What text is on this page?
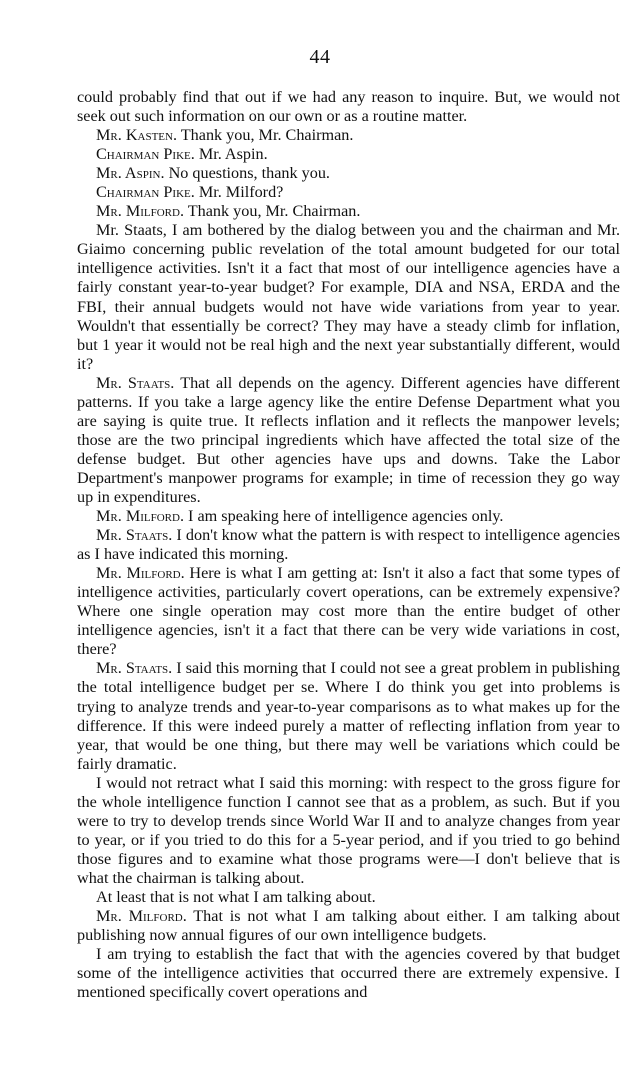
44

could probably find that out if we had any reason to inquire. But, we would not seek out such information on our own or as a routine matter.

Mr. Kasten . Thank you, Mr. Chairman.

Chairman Pike . Mr. Aspin.

Mr. Aspin . No questions, thank you.

Chairman Pike . Mr. Milford?

Mr. Milford . Thank you, Mr. Chairman.

Mr. Staats, I am bothered by the dialog between you and the chairman and Mr. Giaimo concerning public revelation of the total amount budgeted for our total intelligence activities. Isn't it a fact that most of our intelligence agencies have a fairly constant year-to-year budget? For example, DIA and NSA, ERDA and the FBI, their annual budgets would not have wide variations from year to year. Wouldn't that essentially be correct? They may have a steady climb for inflation, but 1 year it would not be real high and the next year substantially different, would it?

Mr. Staats . That all depends on the agency. Different agencies have different patterns. If you take a large agency like the entire Defense Department what you are saying is quite true. It reflects inflation and it reflects the manpower levels; those are the two principal ingredients which have affected the total size of the defense budget. But other agencies have ups and downs. Take the Labor Department's manpower programs for example; in time of recession they go way up in expenditures.

Mr. Milford . I am speaking here of intelligence agencies only.

Mr. Staats . I don't know what the pattern is with respect to intelligence agencies as I have indicated this morning.

Mr. Milford . Here is what I am getting at: Isn't it also a fact that some types of intelligence activities, particularly covert operations, can be extremely expensive? Where one single operation may cost more than the entire budget of other intelligence agencies, isn't it a fact that there can be very wide variations in cost, there?

Mr. Staats . I said this morning that I could not see a great problem in publishing the total intelligence budget per se. Where I do think you get into problems is trying to analyze trends and year-to-year comparisons as to what makes up for the difference. If this were indeed purely a matter of reflecting inflation from year to year, that would be one thing, but there may well be variations which could be fairly dramatic.

I would not retract what I said this morning: with respect to the gross figure for the whole intelligence function I cannot see that as a problem, as such. But if you were to try to develop trends since World War II and to analyze changes from year to year, or if you tried to do this for a 5-year period, and if you tried to go behind those figures and to examine what those programs were—I don't believe that is what the chairman is talking about.

At least that is not what I am talking about.

Mr. Milford . That is not what I am talking about either. I am talking about publishing now annual figures of our own intelligence budgets.

I am trying to establish the fact that with the agencies covered by that budget some of the intelligence activities that occurred there are extremely expensive. I mentioned specifically covert operations and
